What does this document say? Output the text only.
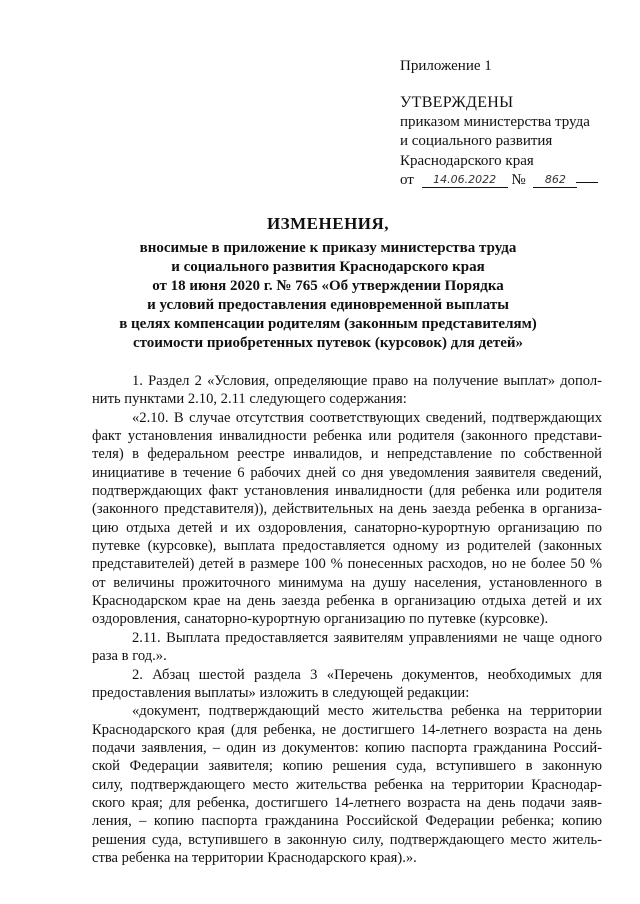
Приложение 1
УТВЕРЖДЕНЫ
приказом министерства труда
и социального развития
Краснодарского края
от 14.06.2022 № 862
ИЗМЕНЕНИЯ,
вносимые в приложение к приказу министерства труда
и социального развития Краснодарского края
от 18 июня 2020 г. № 765 «Об утверждении Порядка
и условий предоставления единовременной выплаты
в целях компенсации родителям (законным представителям)
стоимости приобретенных путевок (курсовок) для детей»
1. Раздел 2 «Условия, определяющие право на получение выплат» допол-
нить пунктами 2.10, 2.11 следующего содержания:
«2.10. В случае отсутствия соответствующих сведений, подтверждающих
факт установления инвалидности ребенка или родителя (законного представи-
теля) в федеральном реестре инвалидов, и непредставление по собственной
инициативе в течение 6 рабочих дней со дня уведомления заявителя сведений,
подтверждающих факт установления инвалидности (для ребенка или родителя
(законного представителя)), действительных на день заезда ребенка в организа-
цию отдыха детей и их оздоровления, санаторно-курортную организацию по
путевке (курсовке), выплата предоставляется одному из родителей (законных
представителей) детей в размере 100 % понесенных расходов, но не более 50 %
от величины прожиточного минимума на душу населения, установленного в
Краснодарском крае на день заезда ребенка в организацию отдыха детей и их
оздоровления, санаторно-курортную организацию по путевке (курсовке).
2.11. Выплата предоставляется заявителям управлениями не чаще одного
раза в год.».
2. Абзац шестой раздела 3 «Перечень документов, необходимых для
предоставления выплаты» изложить в следующей редакции:
«документ, подтверждающий место жительства ребенка на территории
Краснодарского края (для ребенка, не достигшего 14-летнего возраста на день
подачи заявления, – один из документов: копию паспорта гражданина Россий-
ской Федерации заявителя; копию решения суда, вступившего в законную
силу, подтверждающего место жительства ребенка на территории Краснодар-
ского края; для ребенка, достигшего 14-летнего возраста на день подачи заяв-
ления, – копию паспорта гражданина Российской Федерации ребенка; копию
решения суда, вступившего в законную силу, подтверждающего место житель-
ства ребенка на территории Краснодарского края).».
